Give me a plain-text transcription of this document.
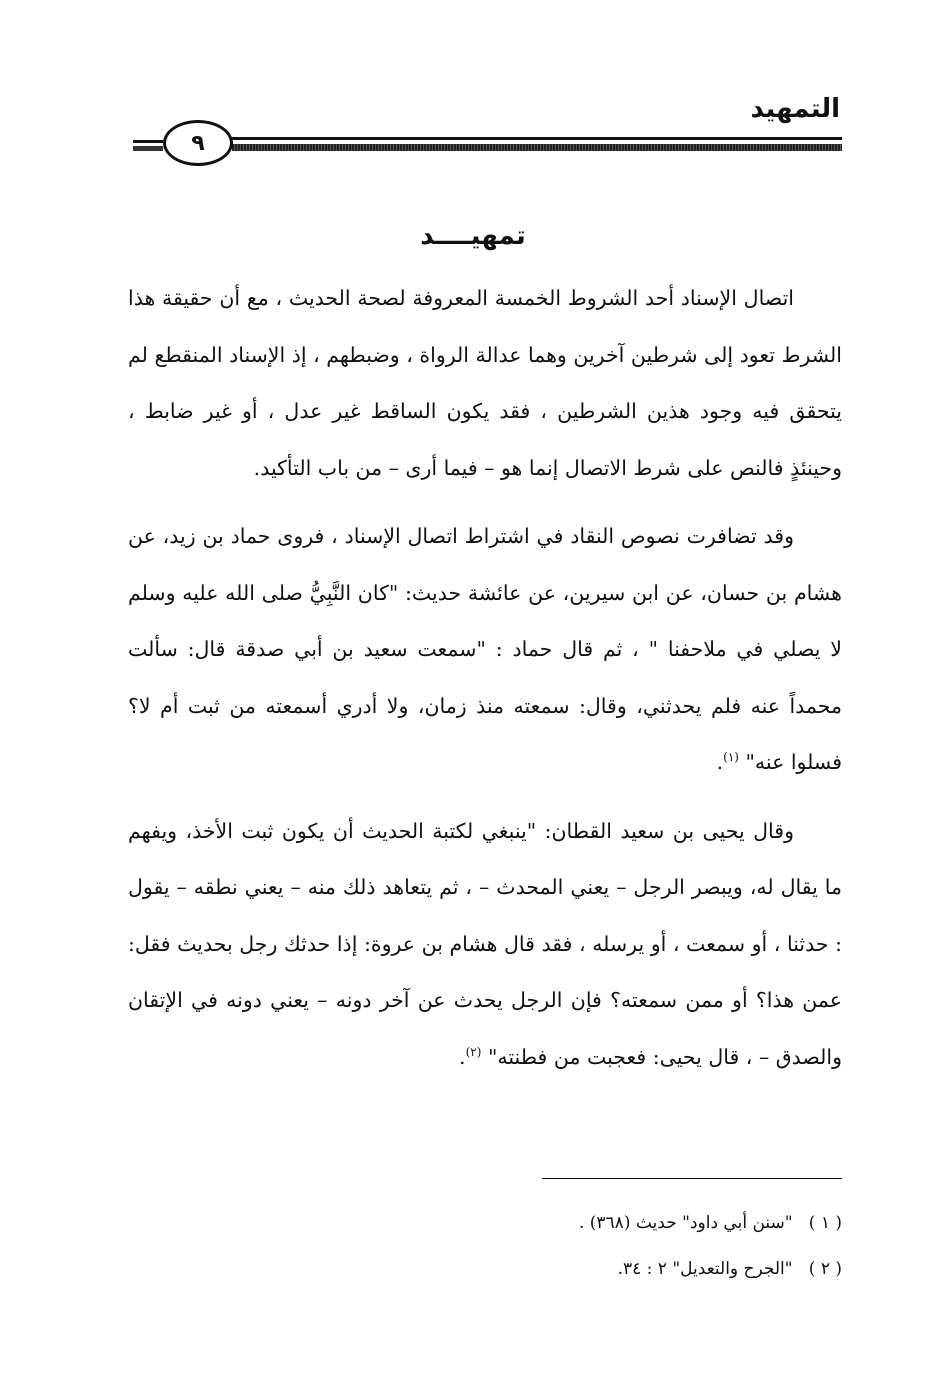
التمهيد
٩
تمهيــــد

اتصال الإسناد أحد الشروط الخمسة المعروفة لصحة الحديث ، مع أن حقيقة هذا الشرط تعود إلى شرطين آخرين وهما عدالة الرواة ، وضبطهم ، إذ الإسناد المنقطع لم يتحقق فيه وجود هذين الشرطين ، فقد يكون الساقط غير عدل ، أو غير ضابط ، وحينئذٍ فالنص على شرط الاتصال إنما هو – فيما أرى – من باب التأكيد.

وقد تضافرت نصوص النقاد في اشتراط اتصال الإسناد ، فروى حماد بن زيد، عن هشام بن حسان، عن ابن سيرين، عن عائشة حديث: "كان النَّبِيُّ صلى الله عليه وسلم لا يصلي في ملاحفنا " ، ثم قال حماد : "سمعت سعيد بن أبي صدقة قال: سألت محمداً عنه فلم يحدثني، وقال: سمعته منذ زمان، ولا أدري أسمعته من ثبت أم لا؟ فسلوا عنه" $^{(١)}$.

وقال يحيى بن سعيد القطان: "ينبغي لكتبة الحديث أن يكون ثبت الأخذ، ويفهم ما يقال له، ويبصر الرجل – يعني المحدث – ، ثم يتعاهد ذلك منه – يعني نطقه – يقول : حدثنا ، أو سمعت ، أو يرسله ، فقد قال هشام بن عروة: إذا حدثك رجل بحديث فقل: عمن هذا؟ أو ممن سمعته؟ فإن الرجل يحدث عن آخر دونه – يعني دونه في الإتقان والصدق – ، قال يحيى: فعجبت من فطنته" $^{(٢)}$.

( ١ ) "سنن أبي داود" حديث (٣٦٨) .
( ٢ ) "الجرح والتعديل" ٢ : ٣٤.
